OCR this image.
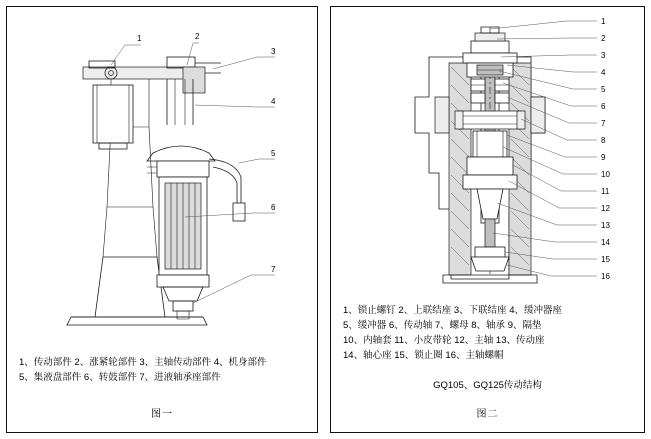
1	2
3
4
5
6
7
1、传动部件 2、涨紧轮部件 3、主轴传动部件 4、机身部件
5、集液盘部件 6、转鼓部件 7、进液轴承座部件
图一
1
2
3
4
5
6
7
8
9
10
11
12
13
14
15
16
1、锁止螺钉 2、上联结座 3、下联结座 4、缓冲器座
5、缓冲器 6、传动轴 7、螺母 8、轴承 9、隔垫
10、内轴套 11、小皮带轮 12、主轴 13、传动座
14、轴心座 15、锁止圈 16、主轴螺帽
GQ105、GQ125传动结构
图二
